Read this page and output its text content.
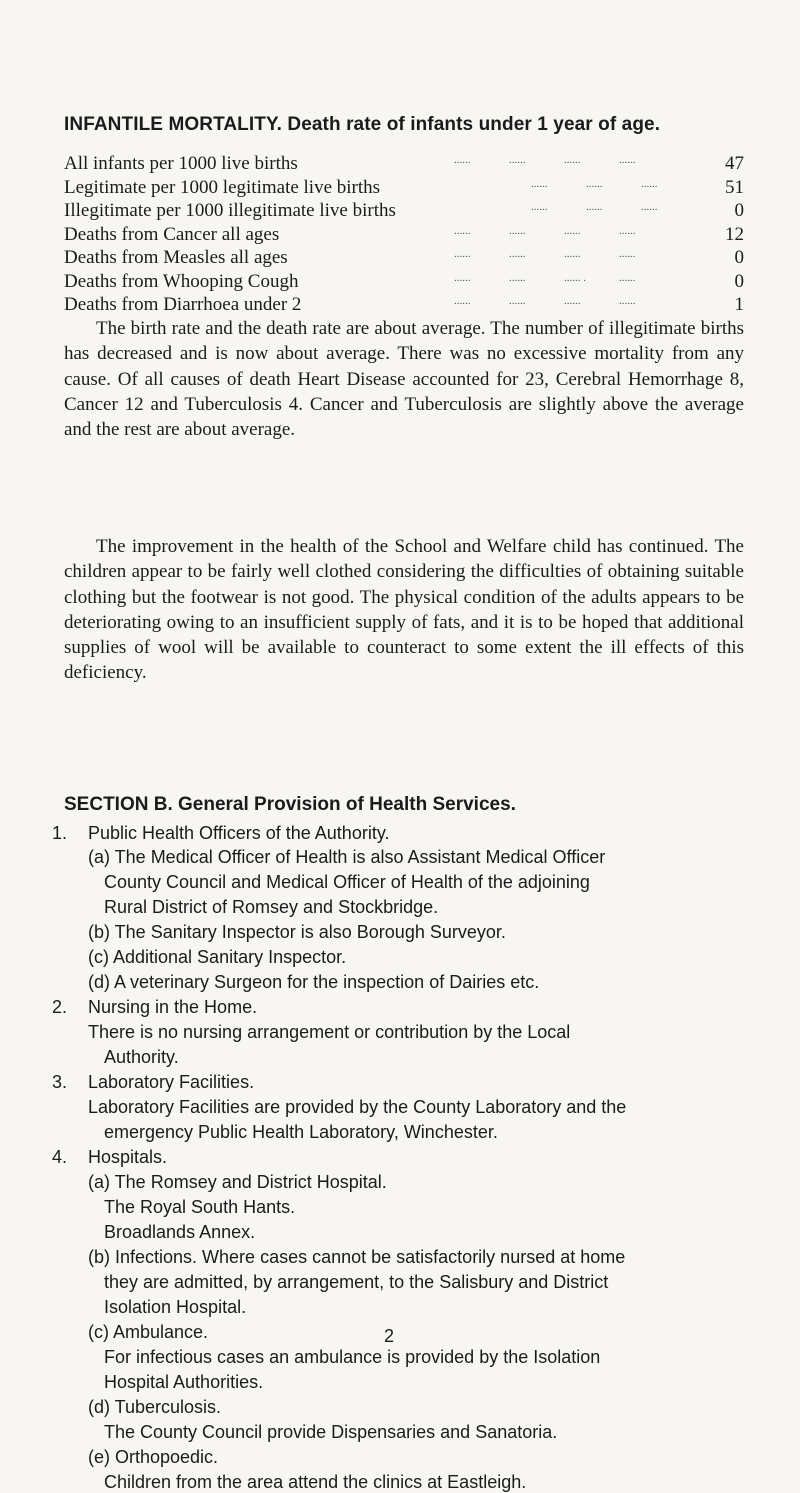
INFANTILE MORTALITY. Death rate of infants under 1 year of age.
All infants per 1000 live births	......              ......              ......              ......	47
Legitimate per 1000 legitimate live births	......              ......              ......	51
Illegitimate per 1000 illegitimate live births	......              ......              ......	0
Deaths from Cancer all ages	......              ......              ......              ......	12
Deaths from Measles all ages	......              ......              ......              ......	0
Deaths from Whooping Cough	......              ......              ...... .            ......	0
Deaths from Diarrhoea under 2	......              ......              ......              ......	1

The birth rate and the death rate are about average. The number of illegitimate births has decreased and is now about average. There was no excessive mortality from any cause. Of all causes of death Heart Disease accounted for 23, Cerebral Hemorrhage 8, Cancer 12 and Tuberculosis 4. Cancer and Tuberculosis are slightly above the average and the rest are about average.

The improvement in the health of the School and Welfare child has continued. The children appear to be fairly well clothed considering the difficulties of obtaining suitable clothing but the footwear is not good. The physical condition of the adults appears to be deteriorating owing to an insufficient supply of fats, and it is to be hoped that additional supplies of wool will be available to counteract to some extent the ill effects of this deficiency.

SECTION B. General Provision of Health Services.
1. Public Health Officers of the Authority.
(a) The Medical Officer of Health is also Assistant Medical Officer
County Council and Medical Officer of Health of the adjoining
Rural District of Romsey and Stockbridge.
(b) The Sanitary Inspector is also Borough Surveyor.
(c) Additional Sanitary Inspector.
(d) A veterinary Surgeon for the inspection of Dairies etc.
2. Nursing in the Home.
There is no nursing arrangement or contribution by the Local
Authority.
3. Laboratory Facilities.
Laboratory Facilities are provided by the County Laboratory and the
emergency Public Health Laboratory, Winchester.
4. Hospitals.
(a) The Romsey and District Hospital.
The Royal South Hants.
Broadlands Annex.
(b) Infections. Where cases cannot be satisfactorily nursed at home
they are admitted, by arrangement, to the Salisbury and District
Isolation Hospital.
(c) Ambulance.
For infectious cases an ambulance is provided by the Isolation
Hospital Authorities.
(d) Tuberculosis.
The County Council provide Dispensaries and Sanatoria.
(e) Orthopoedic.
Children from the area attend the clinics at Eastleigh.
2
